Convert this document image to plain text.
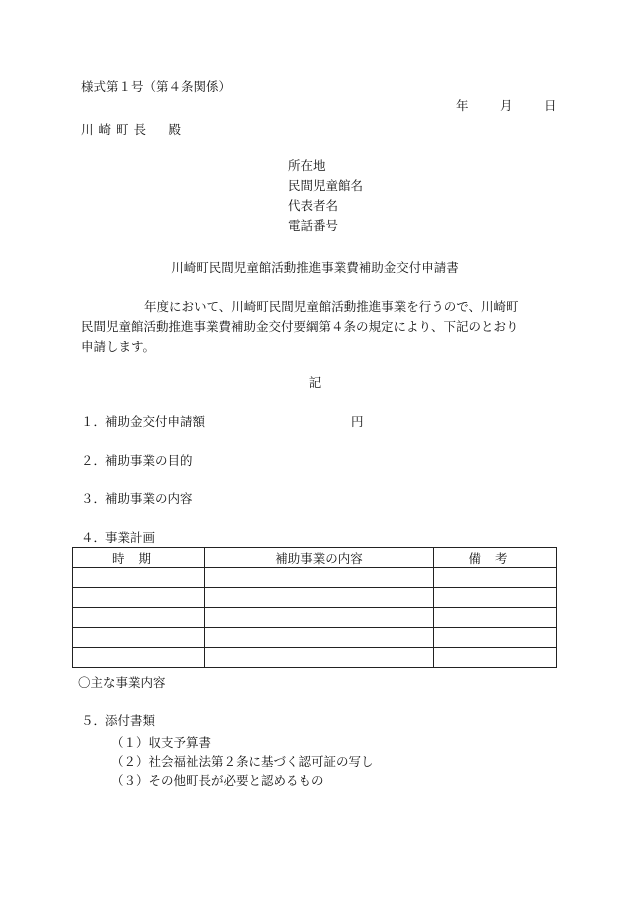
様式第１号（第４条関係）
年	月	日
川崎町長　殿
所在地
民間児童館名
代表者名
電話番号
川崎町民間児童館活動推進事業費補助金交付申請書
年度において、川崎町民間児童館活動推進事業を行うので、川崎町
民間児童館活動推進事業費補助金交付要綱第４条の規定により、下記のとおり
申請します。
記
１．補助金交付申請額	円
２．補助事業の目的
３．補助事業の内容
４．事業計画
時期	補助事業の内容	備考

〇主な事業内容
５．添付書類
（１）収支予算書
（２）社会福祉法第２条に基づく認可証の写し
（３）その他町長が必要と認めるもの
